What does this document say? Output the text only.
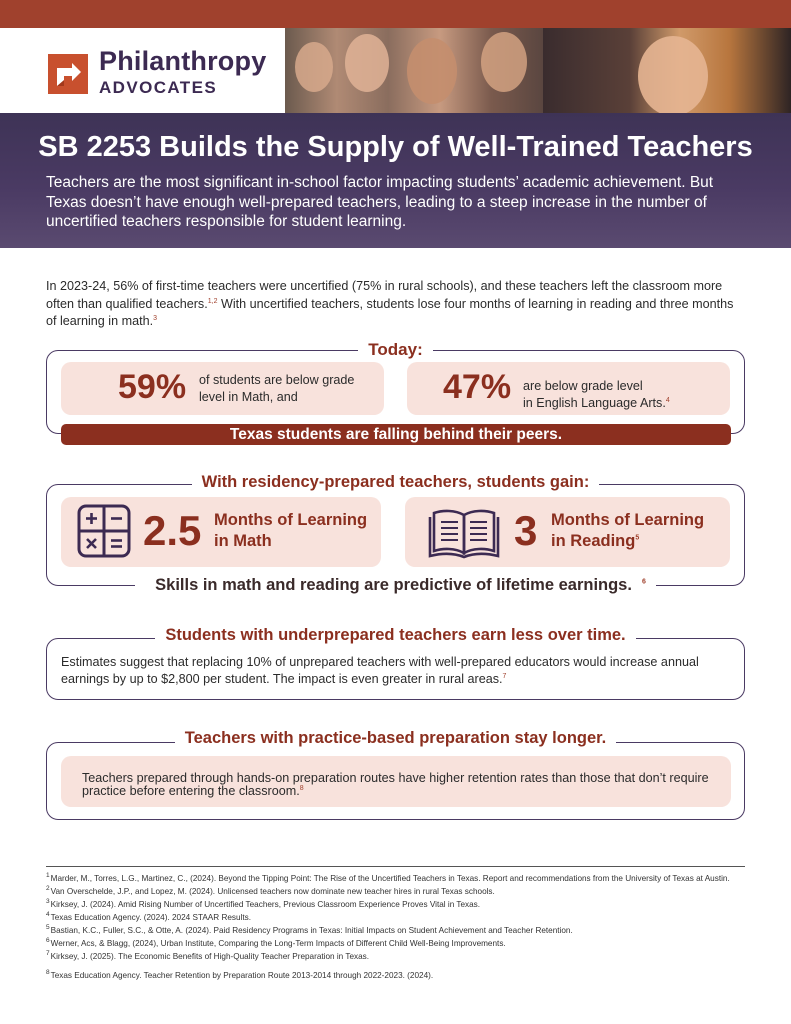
Philanthropy
ADVOCATES
SB 2253 Builds the Supply of Well-Trained Teachers

Teachers are the most significant in-school factor impacting students’ academic achievement. But Texas doesn’t have enough well-prepared teachers, leading to a steep increase in the number of uncertified teachers responsible for student learning.

In 2023-24, 56% of first-time teachers were uncertified (75% in rural schools), and these teachers left the classroom more often than qualified teachers.$^{1,2}$ With uncertified teachers, students lose four months of learning in reading and three months of learning in math.$^3$
Today:
59% of students are below grade level in Math, and	47% are below grade level
in English Language Arts.$^4$
Texas students are falling behind their peers.
With residency-prepared teachers, students gain:
2.5 Months of Learning
in Math	3 Months of Learning
in Reading$^5$
Skills in math and reading are predictive of lifetime earnings. $^6$
Students with underprepared teachers earn less over time.
Estimates suggest that replacing 10% of unprepared teachers with well-prepared educators would increase annual earnings by up to $2,800 per student. The impact is even greater in rural areas.$^7$
Teachers with practice-based preparation stay longer.
Teachers prepared through hands-on preparation routes have higher retention rates than those that don’t require practice before entering the classroom.$^8$
$^1$Marder, M., Torres, L.G., Martinez, C., (2024). Beyond the Tipping Point: The Rise of the Uncertified Teachers in Texas. Report and recommendations from the University of Texas at Austin.
$^2$Van Overschelde, J.P., and Lopez, M. (2024). Unlicensed teachers now dominate new teacher hires in rural Texas schools.
$^3$Kirksey, J. (2024). Amid Rising Number of Uncertified Teachers, Previous Classroom Experience Proves Vital in Texas.
$^4$Texas Education Agency. (2024). 2024 STAAR Results.
$^5$Bastian, K.C., Fuller, S.C., & Otte, A. (2024). Paid Residency Programs in Texas: Initial Impacts on Student Achievement and Teacher Retention.
$^6$Werner, Acs, & Blagg, (2024), Urban Institute, Comparing the Long-Term Impacts of Different Child Well-Being Improvements.
$^7$Kirksey, J. (2025). The Economic Benefits of High-Quality Teacher Preparation in Texas.
$^8$Texas Education Agency. Teacher Retention by Preparation Route 2013-2014 through 2022-2023. (2024).
